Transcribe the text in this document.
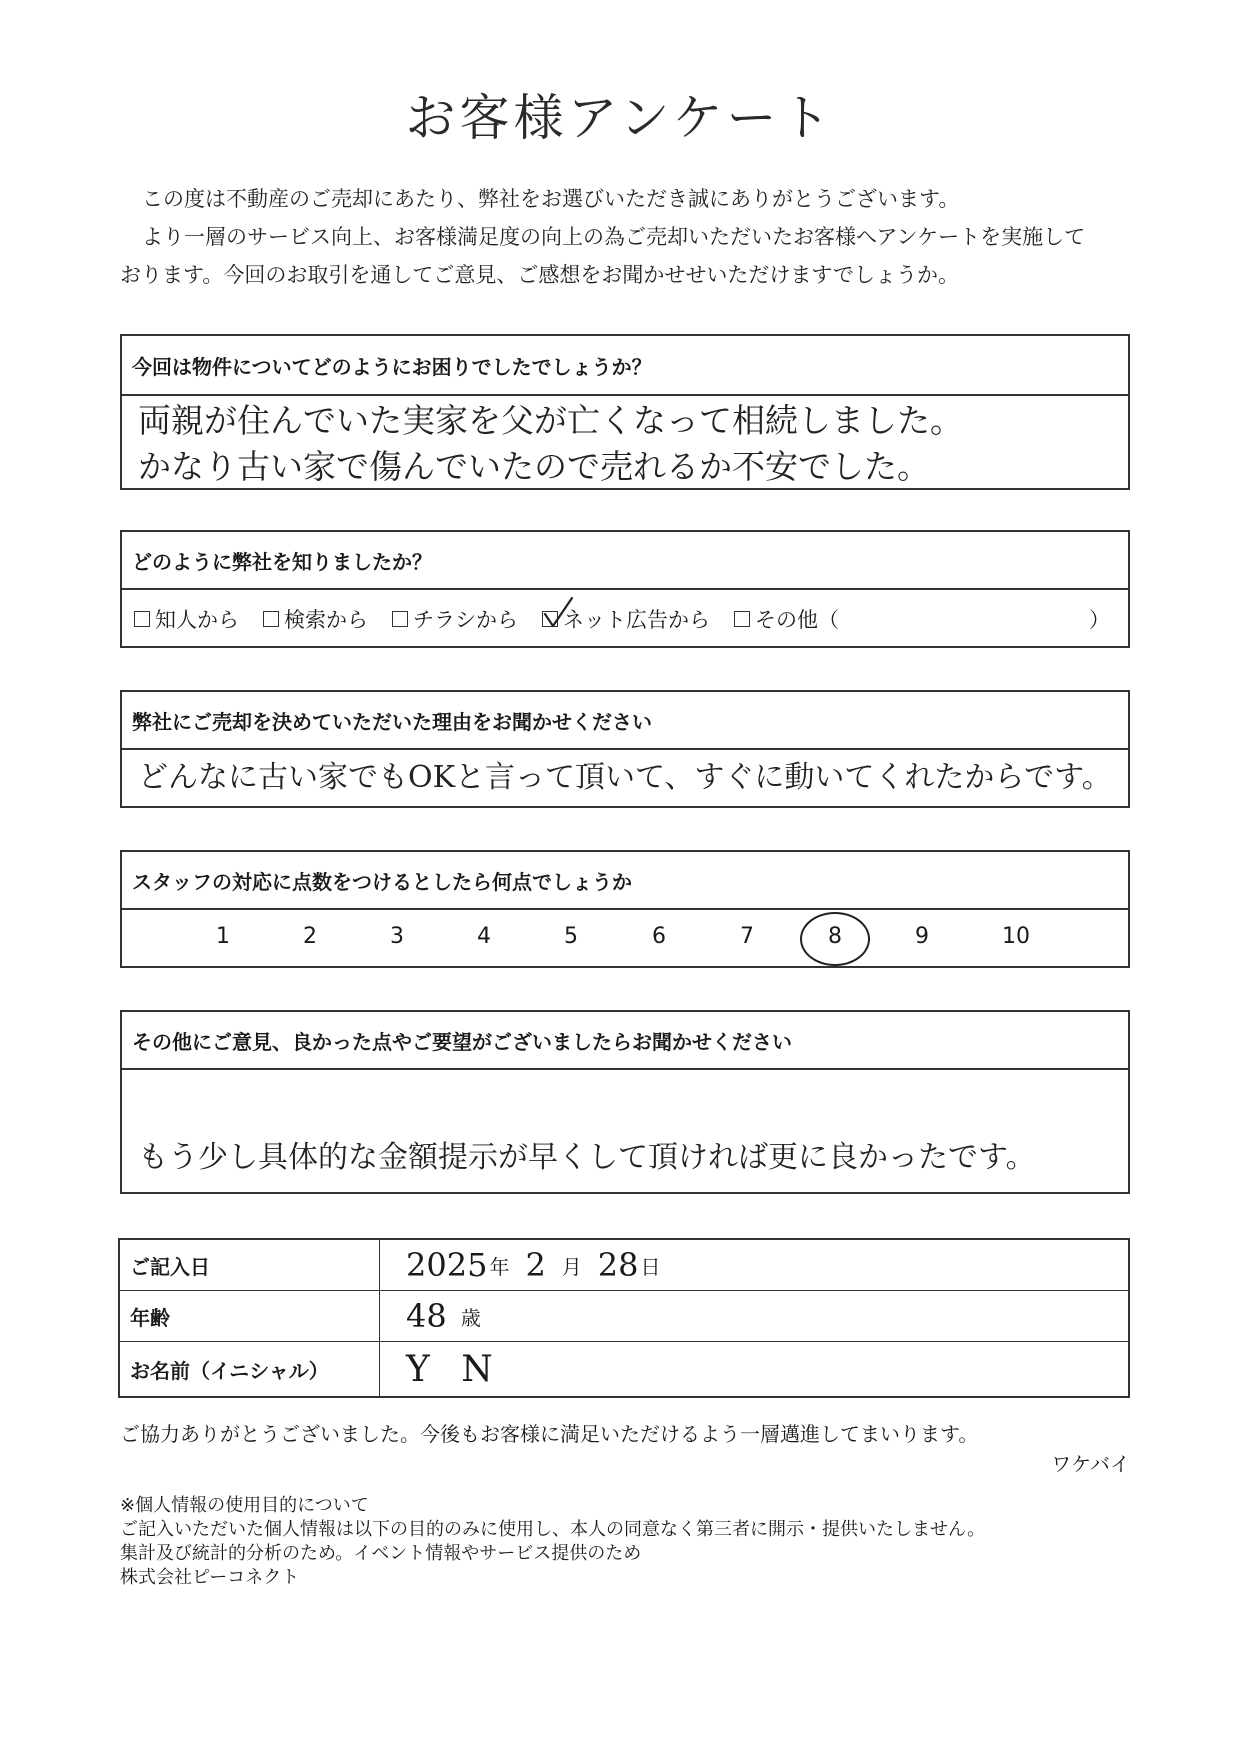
お客様アンケート

この度は不動産のご売却にあたり、弊社をお選びいただき誠にありがとうございます。

より一層のサービス向上、お客様満足度の向上の為ご売却いただいたお客様へアンケートを実施して

おります。今回のお取引を通してご意見、ご感想をお聞かせせいただけますでしょうか。

今回は物件についてどのようにお困りでしたでしょうか？
両親が住んでいた実家を父が亡くなって相続しました。
かなり古い家で傷んでいたので売れるか不安でした。
どのように弊社を知りましたか？
知人から 検索から チラシから ネット広告から その他（	）
弊社にご売却を決めていただいた理由をお聞かせください
どんなに古い家でもOKと言って頂いて、すぐに動いてくれたからです。
スタッフの対応に点数をつけるとしたら何点でしょうか
1	2	3	4	5	6	7	8	9	10
その他にご意見、良かった点やご要望がございましたらお聞かせください
もう少し具体的な金額提示が早くして頂ければ更に良かったです。
ご記入日	2025 年 2 月 28 日
年齢	48 歳
お名前（イニシャル）	Y N
ご協力ありがとうございました。今後もお客様に満足いただけるよう一層邁進してまいります。
ワケバイ

※個人情報の使用目的について

ご記入いただいた個人情報は以下の目的のみに使用し、本人の同意なく第三者に開示・提供いたしません。

集計及び統計的分析のため。イベント情報やサービス提供のため

株式会社ピーコネクト
